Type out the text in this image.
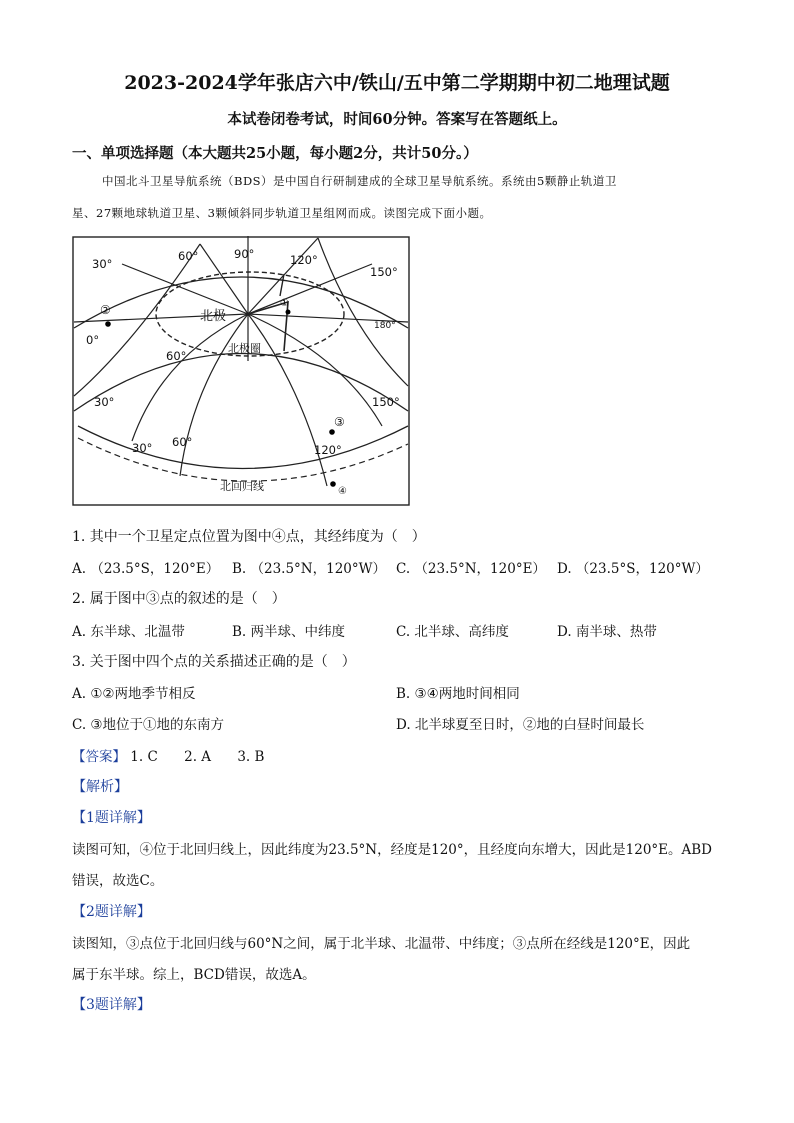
2023-2024学年张店六中/铁山/五中第二学期期中初二地理试题
本试卷闭卷考试，时间60分钟。答案写在答题纸上。
一、单项选择题（本大题共25小题，每小题2分，共计50分。）
中国北斗卫星导航系统（BDS）是中国自行研制建成的全球卫星导航系统。系统由5颗静止轨道卫
星、27颗地球轨道卫星、3颗倾斜同步轨道卫星组网而成。读图完成下面小题。
30°
60°	90°	120°
150°
180°
0°
60°
30°	150°
30° 60°
120°
北极
北极圈
北回归线
①
②
③
④
1. 其中一个卫星定点位置为图中④点，其经纬度为（　）
A. （23.5°S，120°E） B. （23.5°N，120°W） C. （23.5°N，120°E） D. （23.5°S，120°W）
2. 属于图中③点的叙述的是（　）
A. 东半球、北温带	B. 两半球、中纬度	C. 北半球、高纬度	D. 南半球、热带
3. 关于图中四个点的关系描述正确的是（　）
A. ①②两地季节相反	B. ③④两地时间相同
C. ③地位于①地的东南方	D. 北半球夏至日时，②地的白昼时间最长
【答案】 1. C 2. A 3. B
【解析】
【1题详解】
读图可知，④位于北回归线上，因此纬度为23.5°N，经度是120°，且经度向东增大，因此是120°E。ABD
错误，故选C。
【2题详解】
读图知，③点位于北回归线与60°N之间，属于北半球、北温带、中纬度；③点所在经线是120°E，因此
属于东半球。综上，BCD错误，故选A。
【3题详解】
